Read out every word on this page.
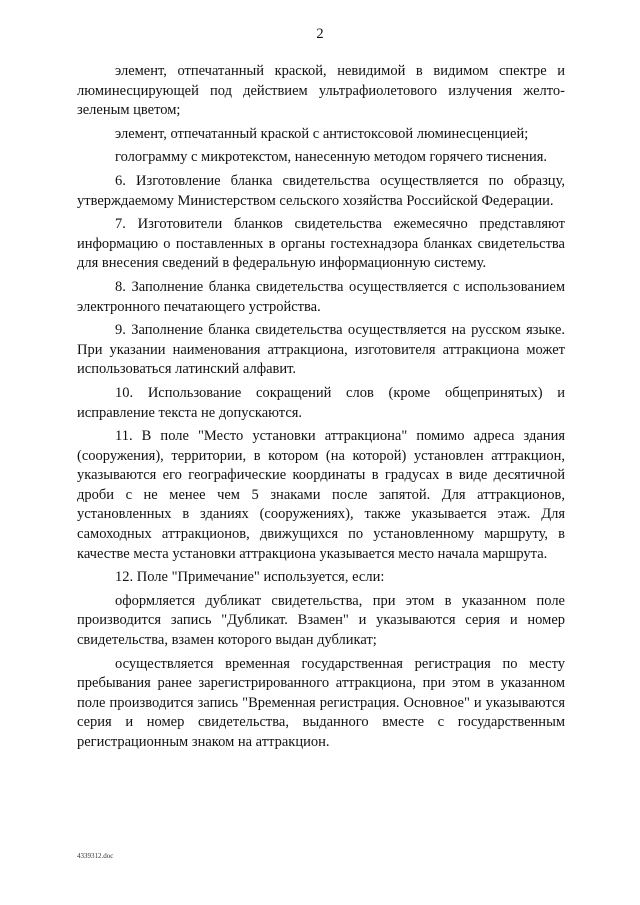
2

элемент, отпечатанный краской, невидимой в видимом спектре и люминесцирующей под действием ультрафиолетового излучения желто-зеленым цветом;

элемент, отпечатанный краской с антистоксовой люминесценцией;

голограмму с микротекстом, нанесенную методом горячего тиснения.

6. Изготовление бланка свидетельства осуществляется по образцу, утверждаемому Министерством сельского хозяйства Российской Федерации.

7. Изготовители бланков свидетельства ежемесячно представляют информацию о поставленных в органы гостехнадзора бланках свидетельства для внесения сведений в федеральную информационную систему.

8. Заполнение бланка свидетельства осуществляется с использованием электронного печатающего устройства.

9. Заполнение бланка свидетельства осуществляется на русском языке. При указании наименования аттракциона, изготовителя аттракциона может использоваться латинский алфавит.

10. Использование сокращений слов (кроме общепринятых) и исправление текста не допускаются.

11. В поле "Место установки аттракциона" помимо адреса здания (сооружения), территории, в котором (на которой) установлен аттракцион, указываются его географические координаты в градусах в виде десятичной дроби с не менее чем 5 знаками после запятой. Для аттракционов, установленных в зданиях (сооружениях), также указывается этаж. Для самоходных аттракционов, движущихся по установленному маршруту, в качестве места установки аттракциона указывается место начала маршрута.

12. Поле "Примечание" используется, если:

оформляется дубликат свидетельства, при этом в указанном поле производится запись "Дубликат. Взамен" и указываются серия и номер свидетельства, взамен которого выдан дубликат;

осуществляется временная государственная регистрация по месту пребывания ранее зарегистрированного аттракциона, при этом в указанном поле производится запись "Временная регистрация. Основное" и указываются серия и номер свидетельства, выданного вместе с государственным регистрационным знаком на аттракцион.

4339312.doc
